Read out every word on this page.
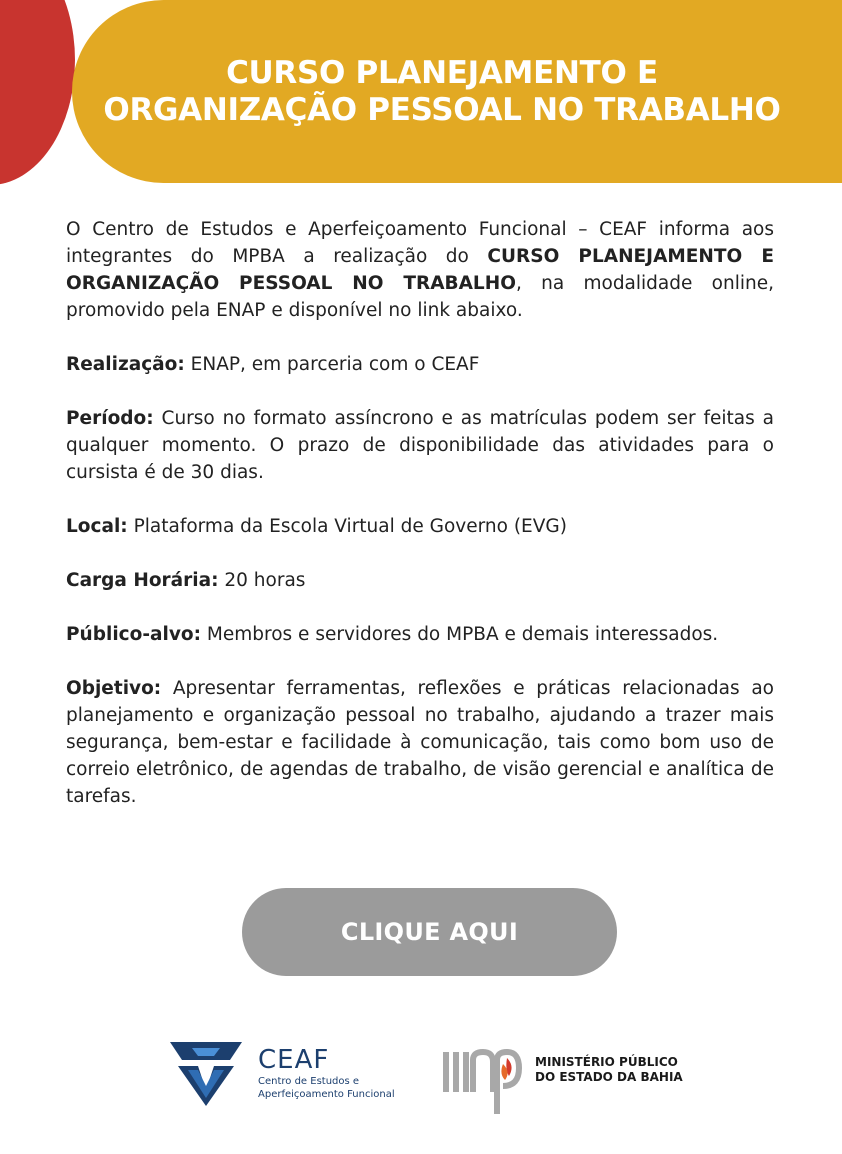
CURSO PLANEJAMENTO E
ORGANIZAÇÃO PESSOAL NO TRABALHO

O Centro de Estudos e Aperfeiçoamento Funcional – CEAF informa aos integrantes do MPBA a realização do CURSO PLANEJAMENTO E ORGANIZAÇÃO PESSOAL NO TRABALHO, na modalidade online, promovido pela ENAP e disponível no link abaixo.

Realização: ENAP, em parceria com o CEAF

Período: Curso no formato assíncrono e as matrículas podem ser feitas a qualquer momento. O prazo de disponibilidade das atividades para o cursista é de 30 dias.

Local: Plataforma da Escola Virtual de Governo (EVG)

Carga Horária: 20 horas

Público-alvo: Membros e servidores do MPBA e demais interessados.

Objetivo: Apresentar ferramentas, reflexões e práticas relacionadas ao planejamento e organização pessoal no trabalho, ajudando a trazer mais segurança, bem-estar e facilidade à comunicação, tais como bom uso de correio eletrônico, de agendas de trabalho, de visão gerencial e analítica de tarefas.

CLIQUE AQUI
CEAF
Centro de Estudos e
Aperfeiçoamento Funcional
MINISTÉRIO PÚBLICO
DO ESTADO DA BAHIA
